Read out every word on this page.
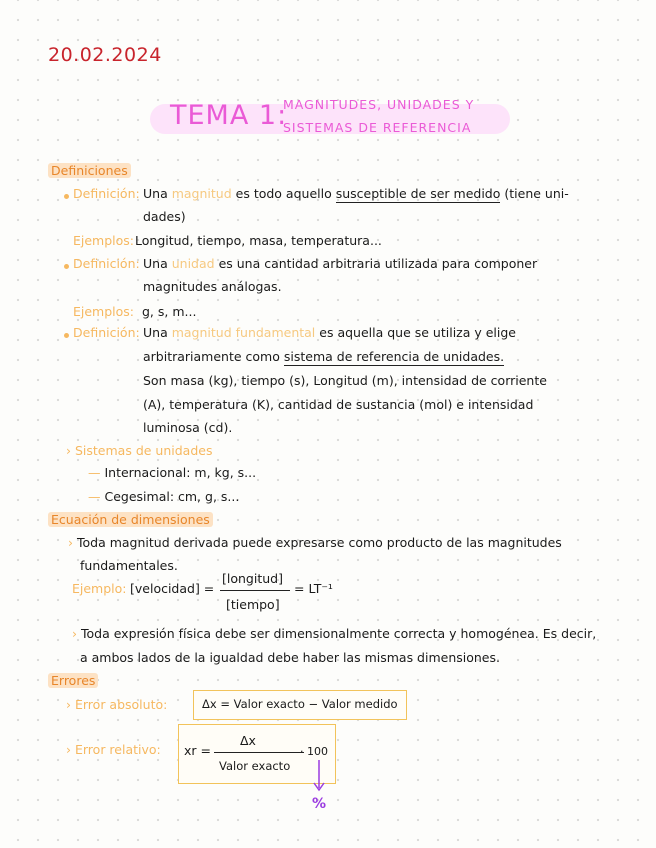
20.02.2024
TEMA 1:
MAGNITUDES, UNIDADES Y
SISTEMAS DE REFERENCIA
Definiciones
Definición: Una magnitud es todo aquello susceptible de ser medido (tiene uni-
dades)
Ejemplos: Longitud, tiempo, masa, temperatura...
Definición: Una unidad es una cantidad arbitraria utilizada para componer
magnitudes análogas.
Ejemplos: g, s, m...
Definición: Una magnitud fundamental es aquella que se utiliza y elige
arbitrariamente como sistema de referencia de unidades.
Son masa (kg), tiempo (s), Longitud (m), intensidad de corriente
(A), temperatura (K), cantidad de sustancia (mol) e intensidad
luminosa (cd).
› Sistemas de unidades
— Internacional: m, kg, s...
— Cegesimal: cm, g, s...
Ecuación de dimensiones
› Toda magnitud derivada puede expresarse como producto de las magnitudes
fundamentales.
Ejemplo: [velocidad] =
[longitud]
[tiempo]
= LT⁻¹
› Toda expresión física debe ser dimensionalmente correcta y homogénea. Es decir,
a ambos lados de la igualdad debe haber las mismas dimensiones.
Errores
› Error absoluto:	Δx = Valor exacto − Valor medido
› Error relativo: xr =
Δx
Valor exacto
· 100
%
